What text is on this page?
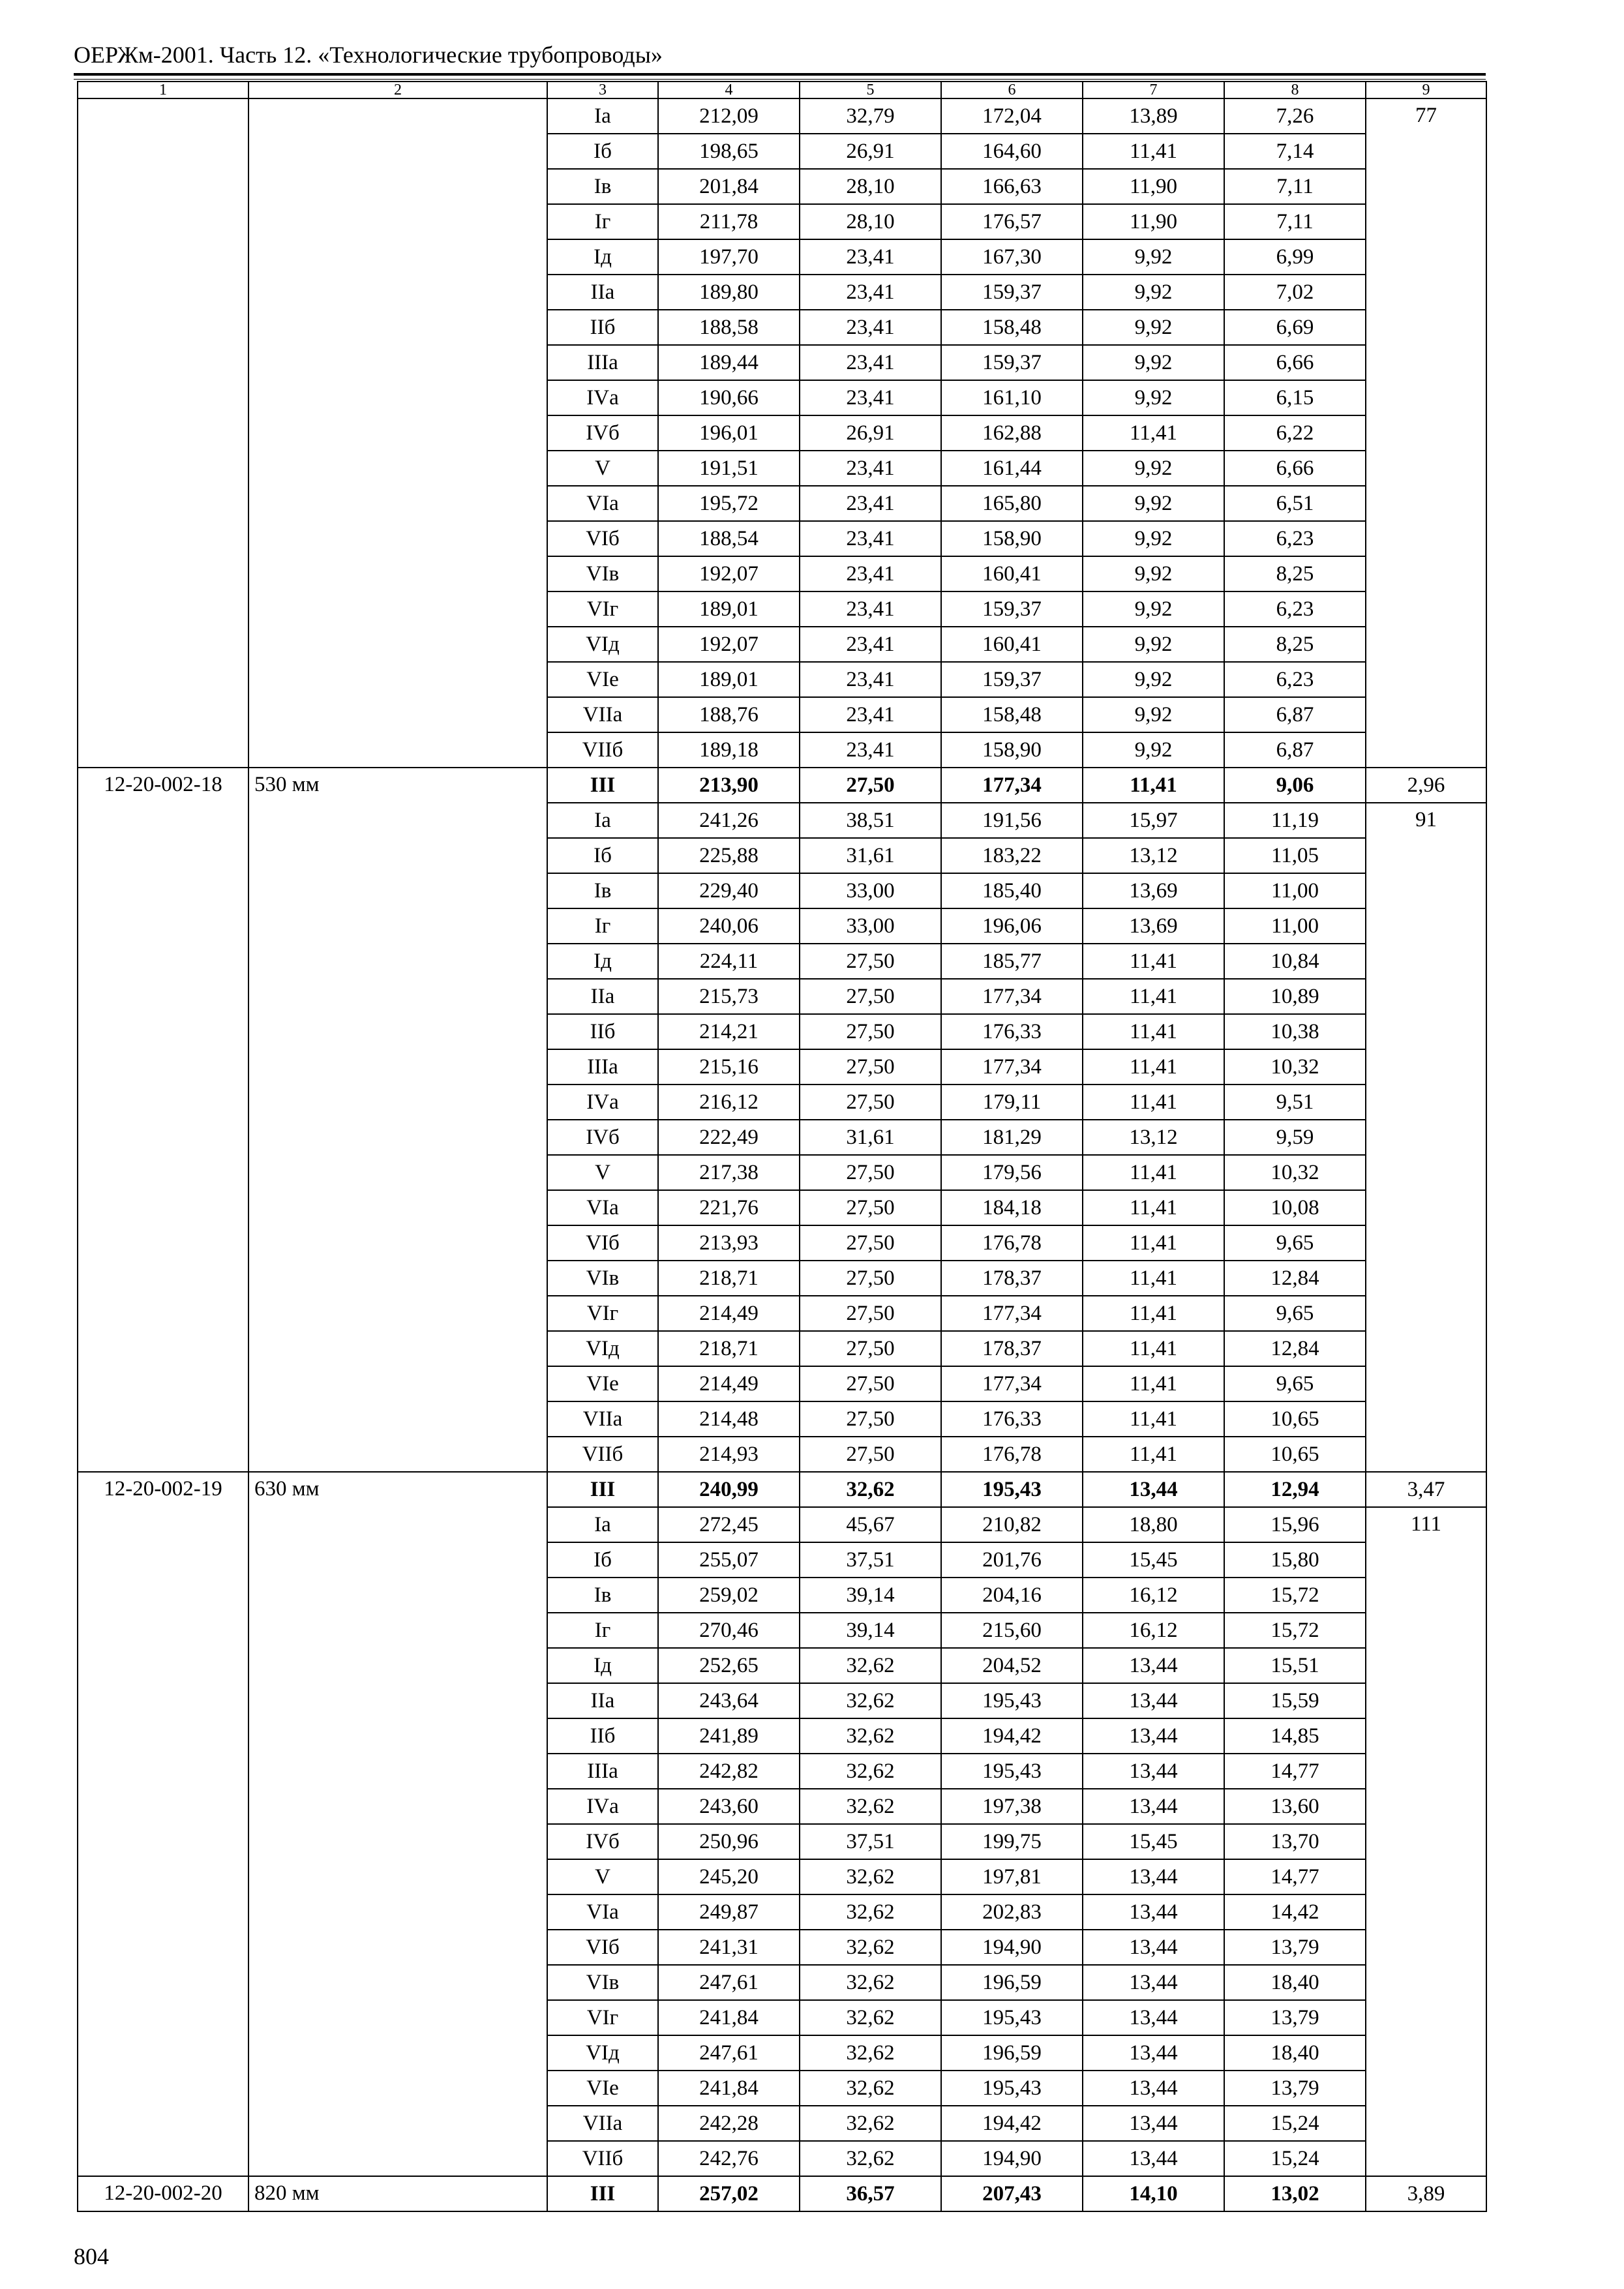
ОЕРЖм-2001. Часть 12. «Технологические трубопроводы»
1	2	3	4	5	6	7	8	9
		Iа	212,09	32,79	172,04	13,89	7,26	77
		Iб	198,65	26,91	164,60	11,41	7,14	
		Iв	201,84	28,10	166,63	11,90	7,11	
		Iг	211,78	28,10	176,57	11,90	7,11	
		Iд	197,70	23,41	167,30	9,92	6,99	
		IIа	189,80	23,41	159,37	9,92	7,02	
		IIб	188,58	23,41	158,48	9,92	6,69	
		IIIа	189,44	23,41	159,37	9,92	6,66	
		IVа	190,66	23,41	161,10	9,92	6,15	
		IVб	196,01	26,91	162,88	11,41	6,22	
		V	191,51	23,41	161,44	9,92	6,66	
		VIа	195,72	23,41	165,80	9,92	6,51	
		VIб	188,54	23,41	158,90	9,92	6,23	
		VIв	192,07	23,41	160,41	9,92	8,25	
		VIг	189,01	23,41	159,37	9,92	6,23	
		VIд	192,07	23,41	160,41	9,92	8,25	
		VIе	189,01	23,41	159,37	9,92	6,23	
		VIIа	188,76	23,41	158,48	9,92	6,87	
		VIIб	189,18	23,41	158,90	9,92	6,87	
12-20-002-18	530 мм	III	213,90	27,50	177,34	11,41	9,06	2,96
		Iа	241,26	38,51	191,56	15,97	11,19	91
		Iб	225,88	31,61	183,22	13,12	11,05	
		Iв	229,40	33,00	185,40	13,69	11,00	
		Iг	240,06	33,00	196,06	13,69	11,00	
		Iд	224,11	27,50	185,77	11,41	10,84	
		IIа	215,73	27,50	177,34	11,41	10,89	
		IIб	214,21	27,50	176,33	11,41	10,38	
		IIIа	215,16	27,50	177,34	11,41	10,32	
		IVа	216,12	27,50	179,11	11,41	9,51	
		IVб	222,49	31,61	181,29	13,12	9,59	
		V	217,38	27,50	179,56	11,41	10,32	
		VIа	221,76	27,50	184,18	11,41	10,08	
		VIб	213,93	27,50	176,78	11,41	9,65	
		VIв	218,71	27,50	178,37	11,41	12,84	
		VIг	214,49	27,50	177,34	11,41	9,65	
		VIд	218,71	27,50	178,37	11,41	12,84	
		VIе	214,49	27,50	177,34	11,41	9,65	
		VIIа	214,48	27,50	176,33	11,41	10,65	
		VIIб	214,93	27,50	176,78	11,41	10,65	
12-20-002-19	630 мм	III	240,99	32,62	195,43	13,44	12,94	3,47
		Iа	272,45	45,67	210,82	18,80	15,96	111
		Iб	255,07	37,51	201,76	15,45	15,80	
		Iв	259,02	39,14	204,16	16,12	15,72	
		Iг	270,46	39,14	215,60	16,12	15,72	
		Iд	252,65	32,62	204,52	13,44	15,51	
		IIа	243,64	32,62	195,43	13,44	15,59	
		IIб	241,89	32,62	194,42	13,44	14,85	
		IIIа	242,82	32,62	195,43	13,44	14,77	
		IVа	243,60	32,62	197,38	13,44	13,60	
		IVб	250,96	37,51	199,75	15,45	13,70	
		V	245,20	32,62	197,81	13,44	14,77	
		VIа	249,87	32,62	202,83	13,44	14,42	
		VIб	241,31	32,62	194,90	13,44	13,79	
		VIв	247,61	32,62	196,59	13,44	18,40	
		VIг	241,84	32,62	195,43	13,44	13,79	
		VIд	247,61	32,62	196,59	13,44	18,40	
		VIе	241,84	32,62	195,43	13,44	13,79	
		VIIа	242,28	32,62	194,42	13,44	15,24	
		VIIб	242,76	32,62	194,90	13,44	15,24	
12-20-002-20	820 мм	III	257,02	36,57	207,43	14,10	13,02	3,89
804
